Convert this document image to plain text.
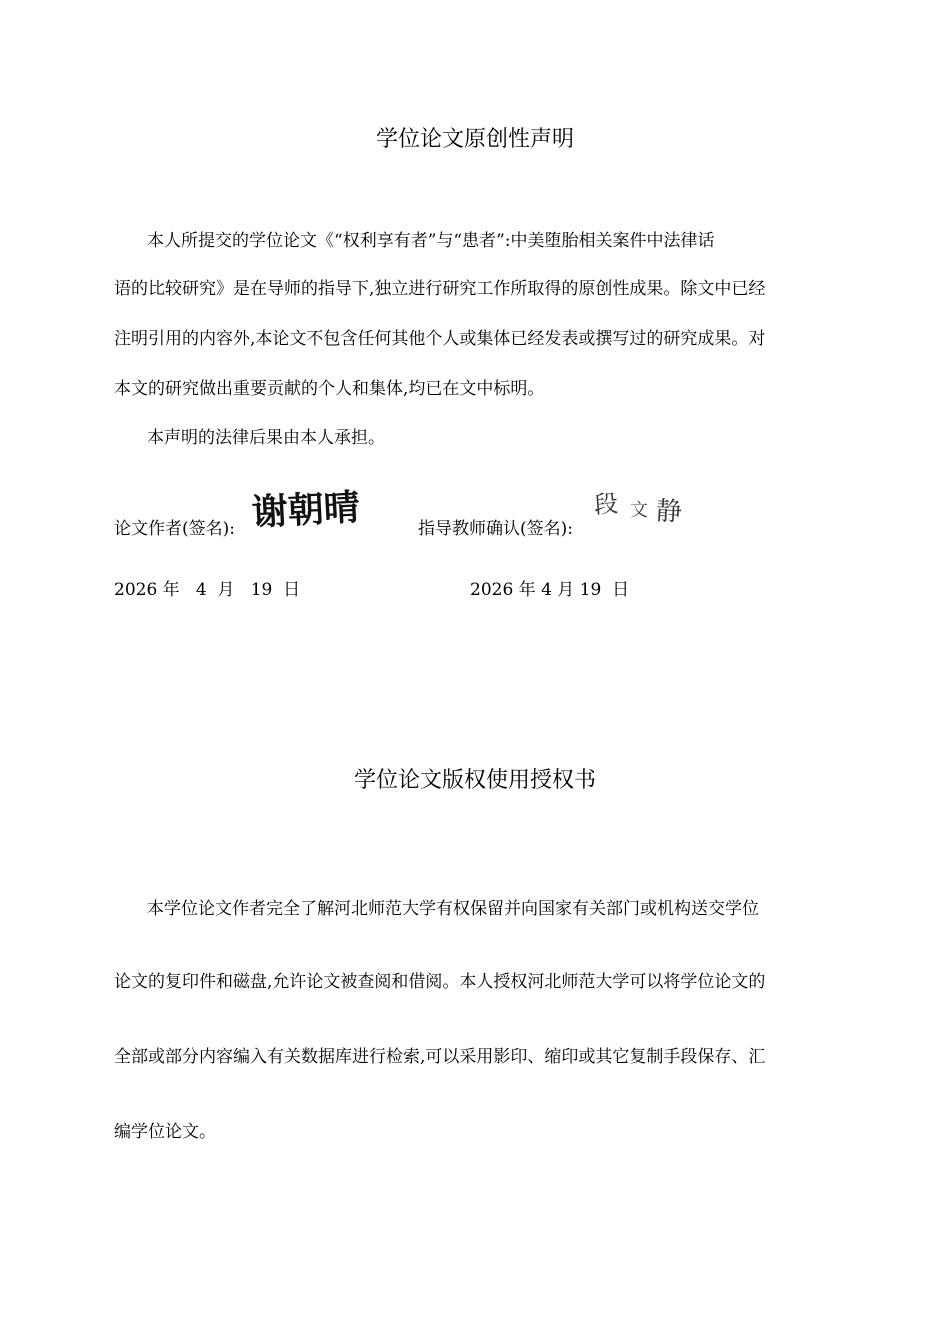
学位论文原创性声明

本人所提交的学位论文《“权利享有者”与“患者”:中美堕胎相关案件中法律话

语的比较研究》是在导师的指导下,独立进行研究工作所取得的原创性成果。除文中已经

注明引用的内容外,本论文不包含任何其他个人或集体已经发表或撰写过的研究成果。对

本文的研究做出重要贡献的个人和集体,均已在文中标明。

本声明的法律后果由本人承担。

论文作者(签名): 谢朝晴	指导教师确认(签名):
段 文 静
2026 年   4  月   19  日	2026 年 4 月 19  日
学位论文版权使用授权书

本学位论文作者完全了解河北师范大学有权保留并向国家有关部门或机构送交学位

论文的复印件和磁盘,允许论文被查阅和借阅。本人授权河北师范大学可以将学位论文的

全部或部分内容编入有关数据库进行检索,可以采用影印、缩印或其它复制手段保存、汇

编学位论文。
